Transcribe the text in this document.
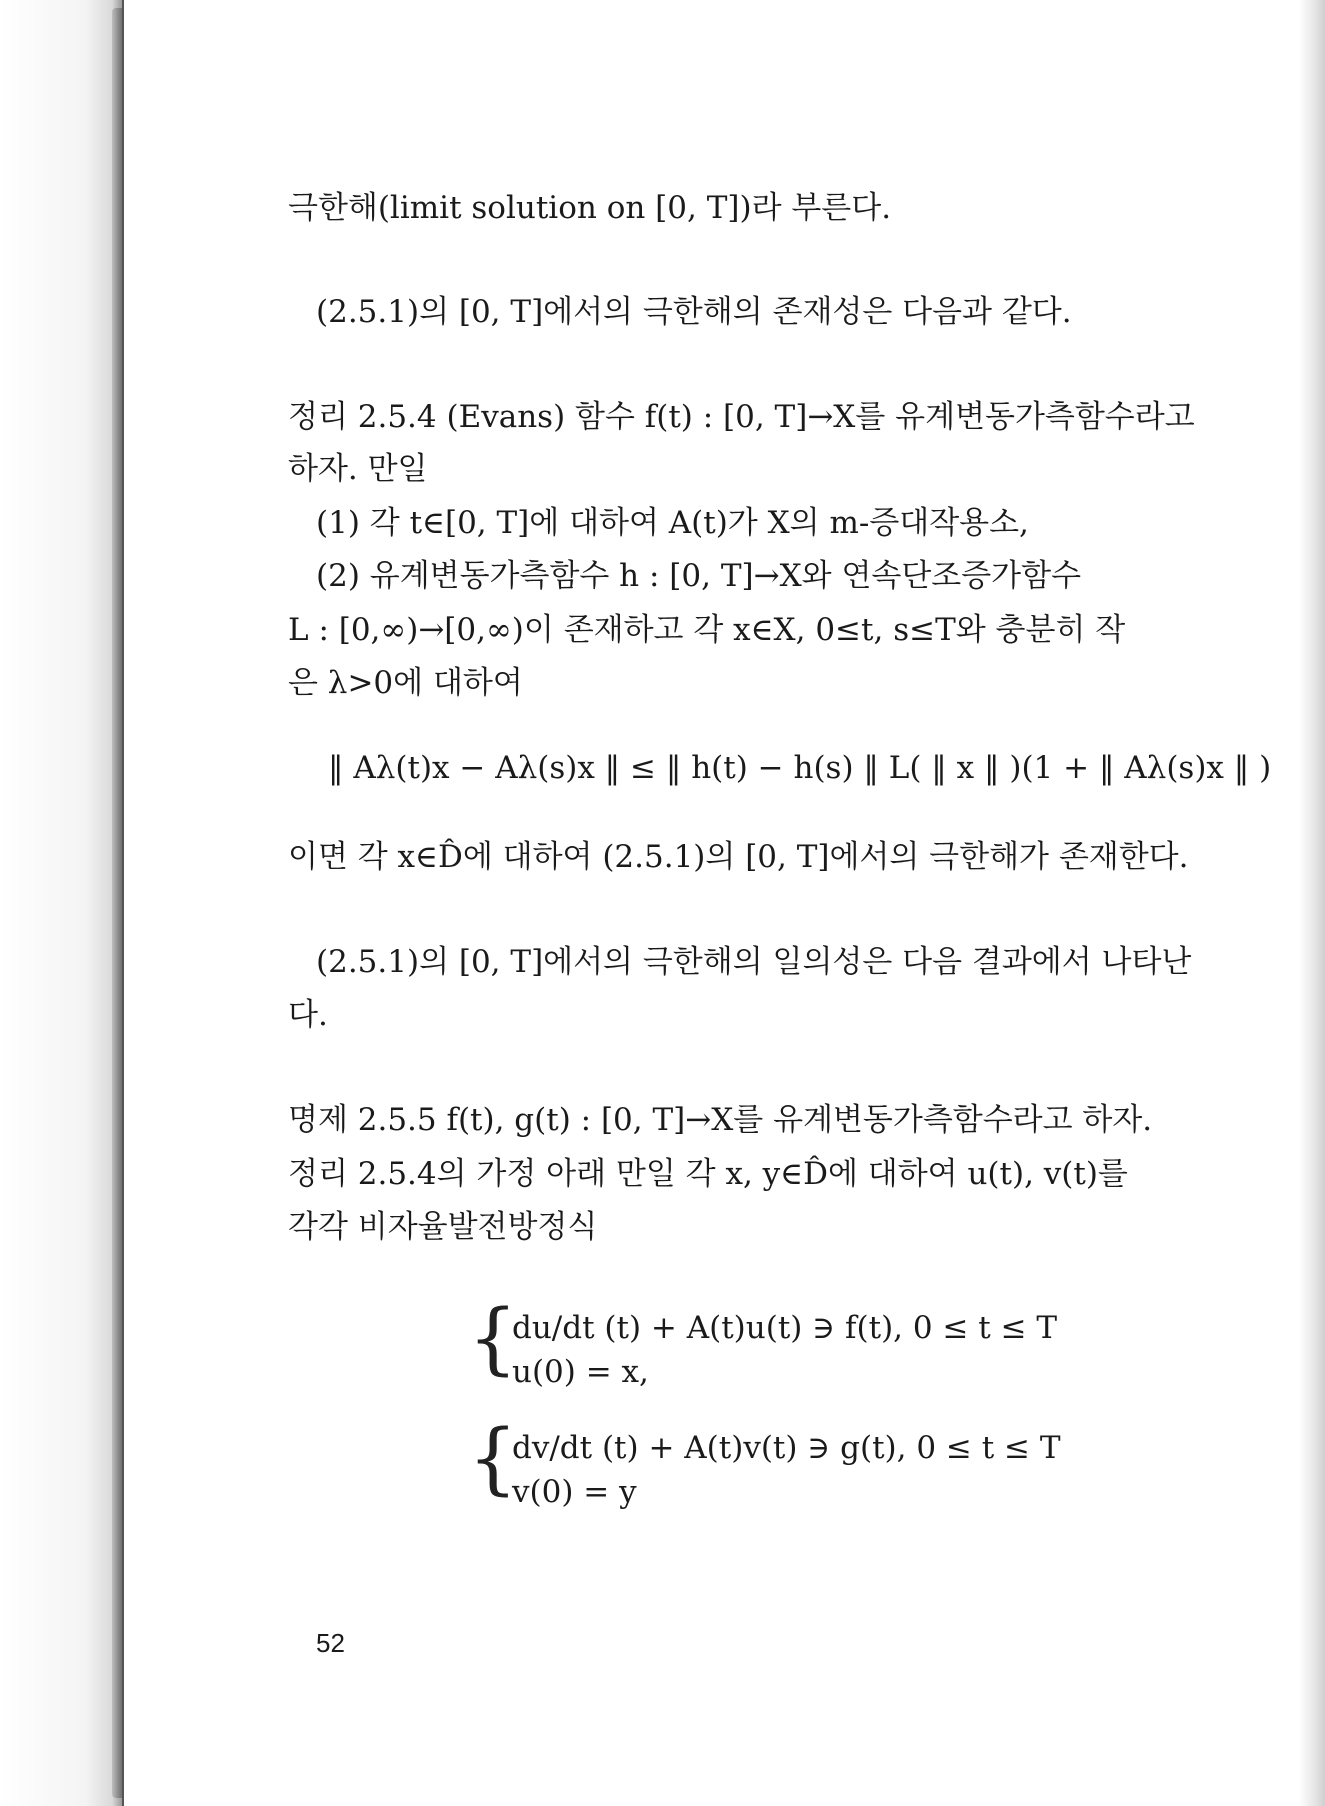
극한해(limit solution on [0, T])라 부른다.
(2.5.1)의 [0, T]에서의 극한해의 존재성은 다음과 같다.
정리 2.5.4 (Evans) 함수 f(t) : [0, T]→X를 유계변동가측함수라고
하자. 만일
(1) 각 t∈[0, T]에 대하여 A(t)가 X의 m-증대작용소,
(2) 유계변동가측함수 h : [0, T]→X와 연속단조증가함수
L : [0,∞)→[0,∞)이 존재하고 각 x∈X, 0≤t, s≤T와 충분히 작
은 λ>0에 대하여
‖ Aλ(t)x − Aλ(s)x ‖ ≤ ‖ h(t) − h(s) ‖ L( ‖ x ‖ )(1 + ‖ Aλ(s)x ‖ )
이면 각 x∈D̂에 대하여 (2.5.1)의 [0, T]에서의 극한해가 존재한다.
(2.5.1)의 [0, T]에서의 극한해의 일의성은 다음 결과에서 나타난
다.
명제 2.5.5 f(t), g(t) : [0, T]→X를 유계변동가측함수라고 하자.
정리 2.5.4의 가정 아래 만일 각 x, y∈D̂에 대하여 u(t), v(t)를
각각 비자율발전방정식
{
du/dt (t) + A(t)u(t) ∋ f(t), 0 ≤ t ≤ T
u(0) = x,
{
dv/dt (t) + A(t)v(t) ∋ g(t), 0 ≤ t ≤ T
v(0) = y
52
